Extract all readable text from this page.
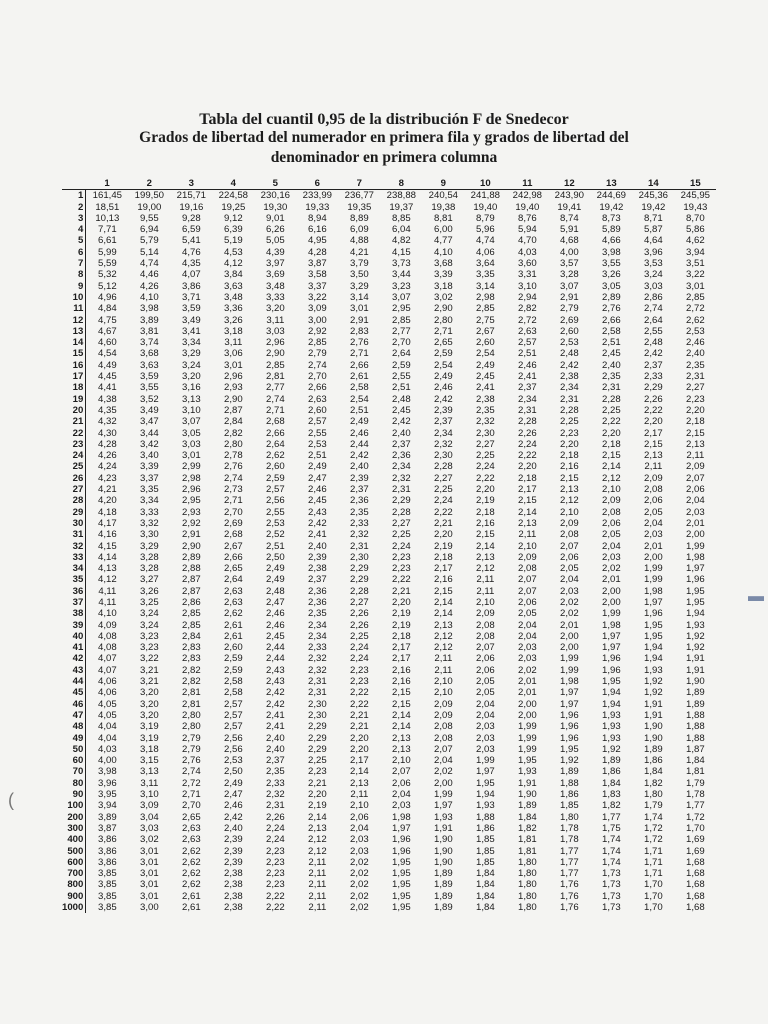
Tabla del cuantil 0,95 de la distribución F de Snedecor
Grados de libertad del numerador en primera fila y grados de libertad del denominador en primera columna
	1	2	3	4	5	6	7	8	9	10	11	12	13	14	15
1	161,45	199,50	215,71	224,58	230,16	233,99	236,77	238,88	240,54	241,88	242,98	243,90	244,69	245,36	245,95
2	18,51	19,00	19,16	19,25	19,30	19,33	19,35	19,37	19,38	19,40	19,40	19,41	19,42	19,42	19,43
3	10,13	9,55	9,28	9,12	9,01	8,94	8,89	8,85	8,81	8,79	8,76	8,74	8,73	8,71	8,70
4	7,71	6,94	6,59	6,39	6,26	6,16	6,09	6,04	6,00	5,96	5,94	5,91	5,89	5,87	5,86
5	6,61	5,79	5,41	5,19	5,05	4,95	4,88	4,82	4,77	4,74	4,70	4,68	4,66	4,64	4,62
6	5,99	5,14	4,76	4,53	4,39	4,28	4,21	4,15	4,10	4,06	4,03	4,00	3,98	3,96	3,94
7	5,59	4,74	4,35	4,12	3,97	3,87	3,79	3,73	3,68	3,64	3,60	3,57	3,55	3,53	3,51
8	5,32	4,46	4,07	3,84	3,69	3,58	3,50	3,44	3,39	3,35	3,31	3,28	3,26	3,24	3,22
9	5,12	4,26	3,86	3,63	3,48	3,37	3,29	3,23	3,18	3,14	3,10	3,07	3,05	3,03	3,01
10	4,96	4,10	3,71	3,48	3,33	3,22	3,14	3,07	3,02	2,98	2,94	2,91	2,89	2,86	2,85
11	4,84	3,98	3,59	3,36	3,20	3,09	3,01	2,95	2,90	2,85	2,82	2,79	2,76	2,74	2,72
12	4,75	3,89	3,49	3,26	3,11	3,00	2,91	2,85	2,80	2,75	2,72	2,69	2,66	2,64	2,62
13	4,67	3,81	3,41	3,18	3,03	2,92	2,83	2,77	2,71	2,67	2,63	2,60	2,58	2,55	2,53
14	4,60	3,74	3,34	3,11	2,96	2,85	2,76	2,70	2,65	2,60	2,57	2,53	2,51	2,48	2,46
15	4,54	3,68	3,29	3,06	2,90	2,79	2,71	2,64	2,59	2,54	2,51	2,48	2,45	2,42	2,40
16	4,49	3,63	3,24	3,01	2,85	2,74	2,66	2,59	2,54	2,49	2,46	2,42	2,40	2,37	2,35
17	4,45	3,59	3,20	2,96	2,81	2,70	2,61	2,55	2,49	2,45	2,41	2,38	2,35	2,33	2,31
18	4,41	3,55	3,16	2,93	2,77	2,66	2,58	2,51	2,46	2,41	2,37	2,34	2,31	2,29	2,27
19	4,38	3,52	3,13	2,90	2,74	2,63	2,54	2,48	2,42	2,38	2,34	2,31	2,28	2,26	2,23
20	4,35	3,49	3,10	2,87	2,71	2,60	2,51	2,45	2,39	2,35	2,31	2,28	2,25	2,22	2,20
21	4,32	3,47	3,07	2,84	2,68	2,57	2,49	2,42	2,37	2,32	2,28	2,25	2,22	2,20	2,18
22	4,30	3,44	3,05	2,82	2,66	2,55	2,46	2,40	2,34	2,30	2,26	2,23	2,20	2,17	2,15
23	4,28	3,42	3,03	2,80	2,64	2,53	2,44	2,37	2,32	2,27	2,24	2,20	2,18	2,15	2,13
24	4,26	3,40	3,01	2,78	2,62	2,51	2,42	2,36	2,30	2,25	2,22	2,18	2,15	2,13	2,11
25	4,24	3,39	2,99	2,76	2,60	2,49	2,40	2,34	2,28	2,24	2,20	2,16	2,14	2,11	2,09
26	4,23	3,37	2,98	2,74	2,59	2,47	2,39	2,32	2,27	2,22	2,18	2,15	2,12	2,09	2,07
27	4,21	3,35	2,96	2,73	2,57	2,46	2,37	2,31	2,25	2,20	2,17	2,13	2,10	2,08	2,06
28	4,20	3,34	2,95	2,71	2,56	2,45	2,36	2,29	2,24	2,19	2,15	2,12	2,09	2,06	2,04
29	4,18	3,33	2,93	2,70	2,55	2,43	2,35	2,28	2,22	2,18	2,14	2,10	2,08	2,05	2,03
30	4,17	3,32	2,92	2,69	2,53	2,42	2,33	2,27	2,21	2,16	2,13	2,09	2,06	2,04	2,01
31	4,16	3,30	2,91	2,68	2,52	2,41	2,32	2,25	2,20	2,15	2,11	2,08	2,05	2,03	2,00
32	4,15	3,29	2,90	2,67	2,51	2,40	2,31	2,24	2,19	2,14	2,10	2,07	2,04	2,01	1,99
33	4,14	3,28	2,89	2,66	2,50	2,39	2,30	2,23	2,18	2,13	2,09	2,06	2,03	2,00	1,98
34	4,13	3,28	2,88	2,65	2,49	2,38	2,29	2,23	2,17	2,12	2,08	2,05	2,02	1,99	1,97
35	4,12	3,27	2,87	2,64	2,49	2,37	2,29	2,22	2,16	2,11	2,07	2,04	2,01	1,99	1,96
36	4,11	3,26	2,87	2,63	2,48	2,36	2,28	2,21	2,15	2,11	2,07	2,03	2,00	1,98	1,95
37	4,11	3,25	2,86	2,63	2,47	2,36	2,27	2,20	2,14	2,10	2,06	2,02	2,00	1,97	1,95
38	4,10	3,24	2,85	2,62	2,46	2,35	2,26	2,19	2,14	2,09	2,05	2,02	1,99	1,96	1,94
39	4,09	3,24	2,85	2,61	2,46	2,34	2,26	2,19	2,13	2,08	2,04	2,01	1,98	1,95	1,93
40	4,08	3,23	2,84	2,61	2,45	2,34	2,25	2,18	2,12	2,08	2,04	2,00	1,97	1,95	1,92
41	4,08	3,23	2,83	2,60	2,44	2,33	2,24	2,17	2,12	2,07	2,03	2,00	1,97	1,94	1,92
42	4,07	3,22	2,83	2,59	2,44	2,32	2,24	2,17	2,11	2,06	2,03	1,99	1,96	1,94	1,91
43	4,07	3,21	2,82	2,59	2,43	2,32	2,23	2,16	2,11	2,06	2,02	1,99	1,96	1,93	1,91
44	4,06	3,21	2,82	2,58	2,43	2,31	2,23	2,16	2,10	2,05	2,01	1,98	1,95	1,92	1,90
45	4,06	3,20	2,81	2,58	2,42	2,31	2,22	2,15	2,10	2,05	2,01	1,97	1,94	1,92	1,89
46	4,05	3,20	2,81	2,57	2,42	2,30	2,22	2,15	2,09	2,04	2,00	1,97	1,94	1,91	1,89
47	4,05	3,20	2,80	2,57	2,41	2,30	2,21	2,14	2,09	2,04	2,00	1,96	1,93	1,91	1,88
48	4,04	3,19	2,80	2,57	2,41	2,29	2,21	2,14	2,08	2,03	1,99	1,96	1,93	1,90	1,88
49	4,04	3,19	2,79	2,56	2,40	2,29	2,20	2,13	2,08	2,03	1,99	1,96	1,93	1,90	1,88
50	4,03	3,18	2,79	2,56	2,40	2,29	2,20	2,13	2,07	2,03	1,99	1,95	1,92	1,89	1,87
60	4,00	3,15	2,76	2,53	2,37	2,25	2,17	2,10	2,04	1,99	1,95	1,92	1,89	1,86	1,84
70	3,98	3,13	2,74	2,50	2,35	2,23	2,14	2,07	2,02	1,97	1,93	1,89	1,86	1,84	1,81
80	3,96	3,11	2,72	2,49	2,33	2,21	2,13	2,06	2,00	1,95	1,91	1,88	1,84	1,82	1,79
90	3,95	3,10	2,71	2,47	2,32	2,20	2,11	2,04	1,99	1,94	1,90	1,86	1,83	1,80	1,78
100	3,94	3,09	2,70	2,46	2,31	2,19	2,10	2,03	1,97	1,93	1,89	1,85	1,82	1,79	1,77
200	3,89	3,04	2,65	2,42	2,26	2,14	2,06	1,98	1,93	1,88	1,84	1,80	1,77	1,74	1,72
300	3,87	3,03	2,63	2,40	2,24	2,13	2,04	1,97	1,91	1,86	1,82	1,78	1,75	1,72	1,70
400	3,86	3,02	2,63	2,39	2,24	2,12	2,03	1,96	1,90	1,85	1,81	1,78	1,74	1,72	1,69
500	3,86	3,01	2,62	2,39	2,23	2,12	2,03	1,96	1,90	1,85	1,81	1,77	1,74	1,71	1,69
600	3,86	3,01	2,62	2,39	2,23	2,11	2,02	1,95	1,90	1,85	1,80	1,77	1,74	1,71	1,68
700	3,85	3,01	2,62	2,38	2,23	2,11	2,02	1,95	1,89	1,84	1,80	1,77	1,73	1,71	1,68
800	3,85	3,01	2,62	2,38	2,23	2,11	2,02	1,95	1,89	1,84	1,80	1,76	1,73	1,70	1,68
900	3,85	3,01	2,61	2,38	2,22	2,11	2,02	1,95	1,89	1,84	1,80	1,76	1,73	1,70	1,68
1000	3,85	3,00	2,61	2,38	2,22	2,11	2,02	1,95	1,89	1,84	1,80	1,76	1,73	1,70	1,68
(
▬
